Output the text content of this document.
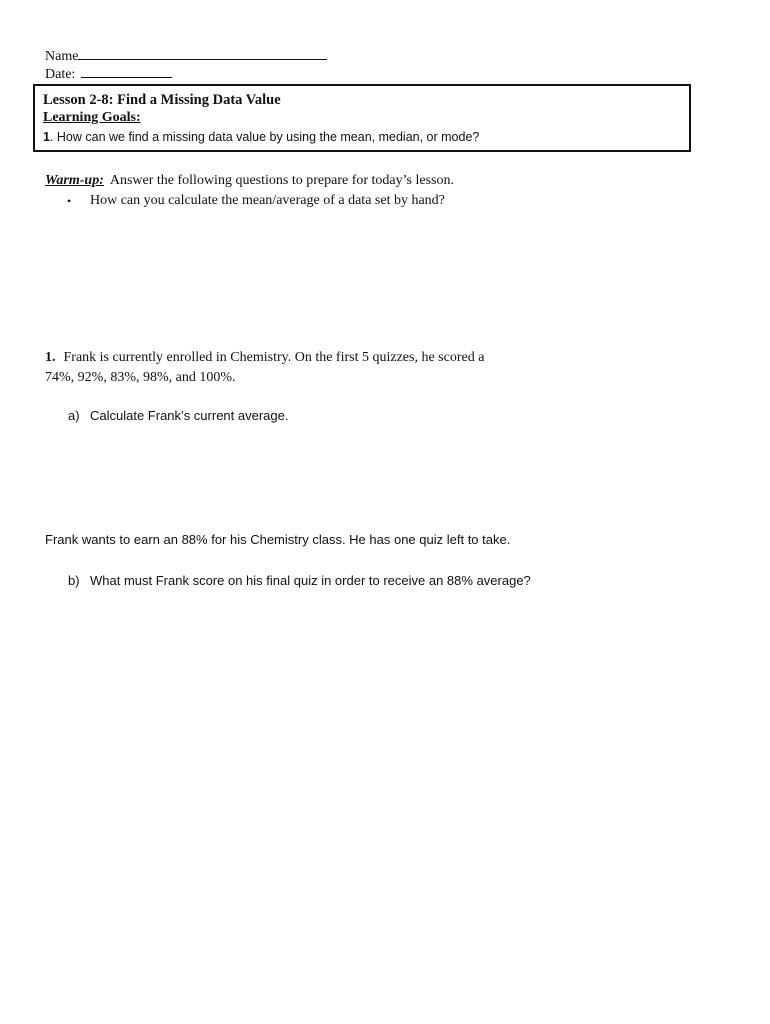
Name
Date:
Lesson 2-8: Find a Missing Data Value
Learning Goals:
1. How can we find a missing data value by using the mean, median, or mode?
Warm-up: Answer the following questions to prepare for today’s lesson.
• How can you calculate the mean/average of a data set by hand?
1. Frank is currently enrolled in Chemistry. On the first 5 quizzes, he scored a
74%, 92%, 83%, 98%, and 100%.
a) Calculate Frank’s current average.
Frank wants to earn an 88% for his Chemistry class. He has one quiz left to take.
b) What must Frank score on his final quiz in order to receive an 88% average?
